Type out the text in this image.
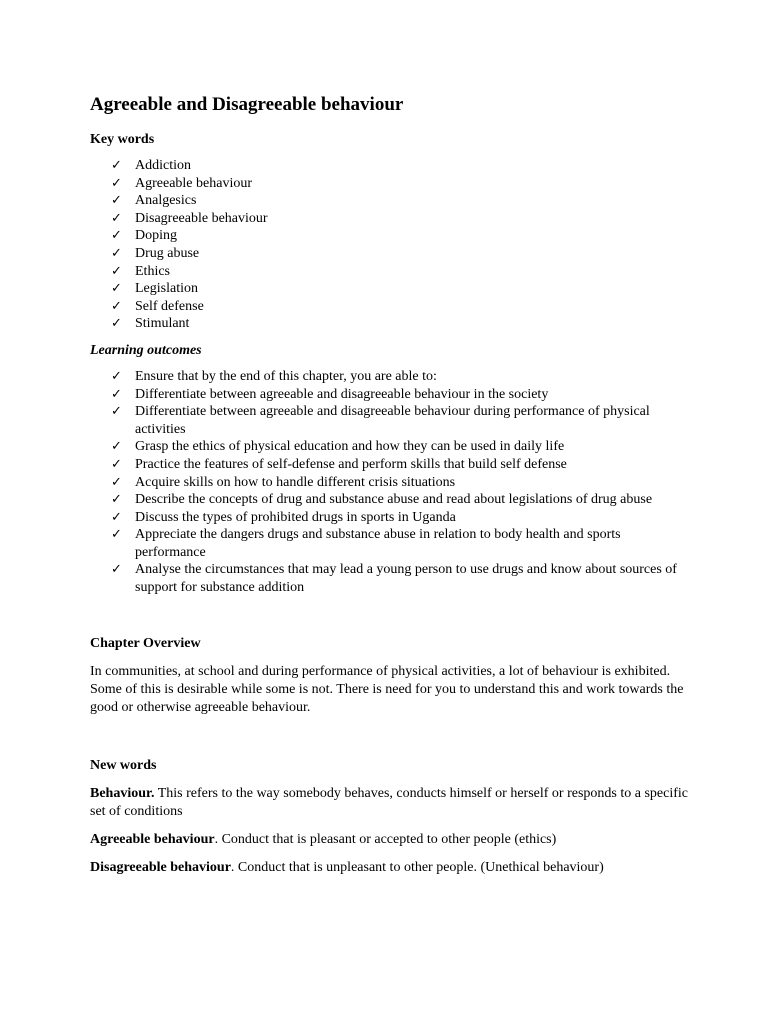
Agreeable and Disagreeable behaviour

Key words

✓ Addiction
✓ Agreeable behaviour
✓ Analgesics
✓ Disagreeable behaviour
✓ Doping
✓ Drug abuse
✓ Ethics
✓ Legislation
✓ Self defense
✓ Stimulant

Learning outcomes

✓ Ensure that by the end of this chapter, you are able to:
✓ Differentiate between agreeable and disagreeable behaviour in the society
✓ Differentiate between agreeable and disagreeable behaviour during performance of physical activities
✓ Grasp the ethics of physical education and how they can be used in daily life
✓ Practice the features of self-defense and perform skills that build self defense
✓ Acquire skills on how to handle different crisis situations
✓ Describe the concepts of drug and substance abuse and read about legislations of drug abuse
✓ Discuss the types of prohibited drugs in sports in Uganda
✓ Appreciate the dangers drugs and substance abuse in relation to body health and sports performance
✓ Analyse the circumstances that may lead a young person to use drugs and know about sources of support for substance addition

Chapter Overview

In communities, at school and during performance of physical activities, a lot of behaviour is exhibited. Some of this is desirable while some is not. There is need for you to understand this and work towards the good or otherwise agreeable behaviour.

New words

Behaviour. This refers to the way somebody behaves, conducts himself or herself or responds to a specific set of conditions

Agreeable behaviour. Conduct that is pleasant or accepted to other people (ethics)

Disagreeable behaviour. Conduct that is unpleasant to other people. (Unethical behaviour)
